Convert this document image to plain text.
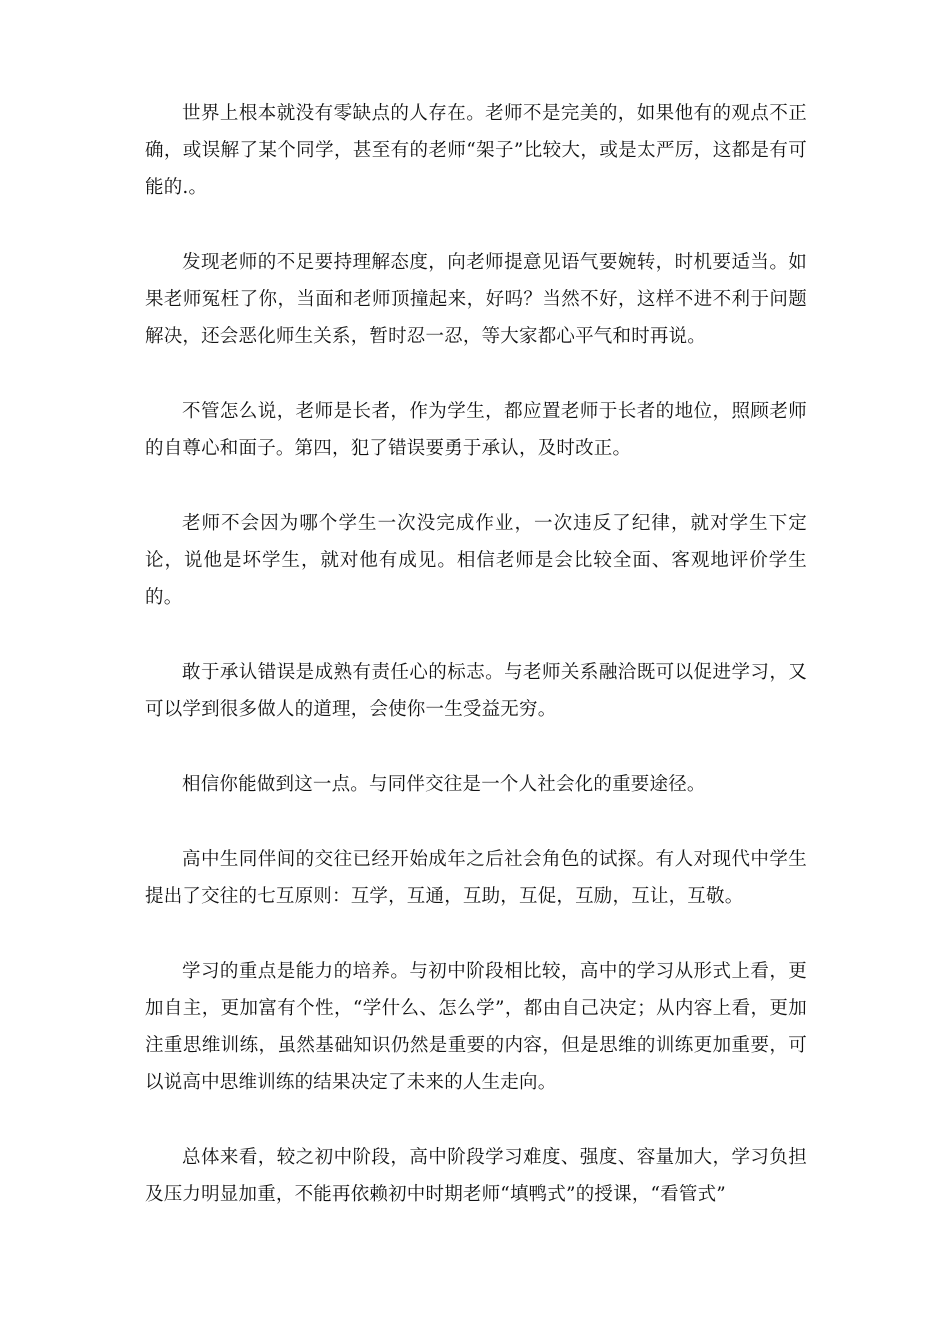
世界上根本就没有零缺点的人存在。老师不是完美的，如果他有的观点不正确，或误解了某个同学，甚至有的老师“架子”比较大，或是太严厉，这都是有可能的.。

发现老师的不足要持理解态度，向老师提意见语气要婉转，时机要适当。如果老师冤枉了你，当面和老师顶撞起来，好吗？当然不好，这样不进不利于问题解决，还会恶化师生关系，暂时忍一忍，等大家都心平气和时再说。

不管怎么说，老师是长者，作为学生，都应置老师于长者的地位，照顾老师的自尊心和面子。第四，犯了错误要勇于承认，及时改正。

老师不会因为哪个学生一次没完成作业，一次违反了纪律，就对学生下定论，说他是坏学生，就对他有成见。相信老师是会比较全面、客观地评价学生的。

敢于承认错误是成熟有责任心的标志。与老师关系融洽既可以促进学习，又可以学到很多做人的道理，会使你一生受益无穷。

相信你能做到这一点。与同伴交往是一个人社会化的重要途径。

高中生同伴间的交往已经开始成年之后社会角色的试探。有人对现代中学生提出了交往的七互原则：互学，互通，互助，互促，互励，互让，互敬。

学习的重点是能力的培养。与初中阶段相比较，高中的学习从形式上看，更加自主，更加富有个性，“学什么、怎么学”，都由自己决定；从内容上看，更加注重思维训练，虽然基础知识仍然是重要的内容，但是思维的训练更加重要，可以说高中思维训练的结果决定了未来的人生走向。

总体来看，较之初中阶段，高中阶段学习难度、强度、容量加大，学习负担及压力明显加重，不能再依赖初中时期老师“填鸭式”的授课，“看管式”
